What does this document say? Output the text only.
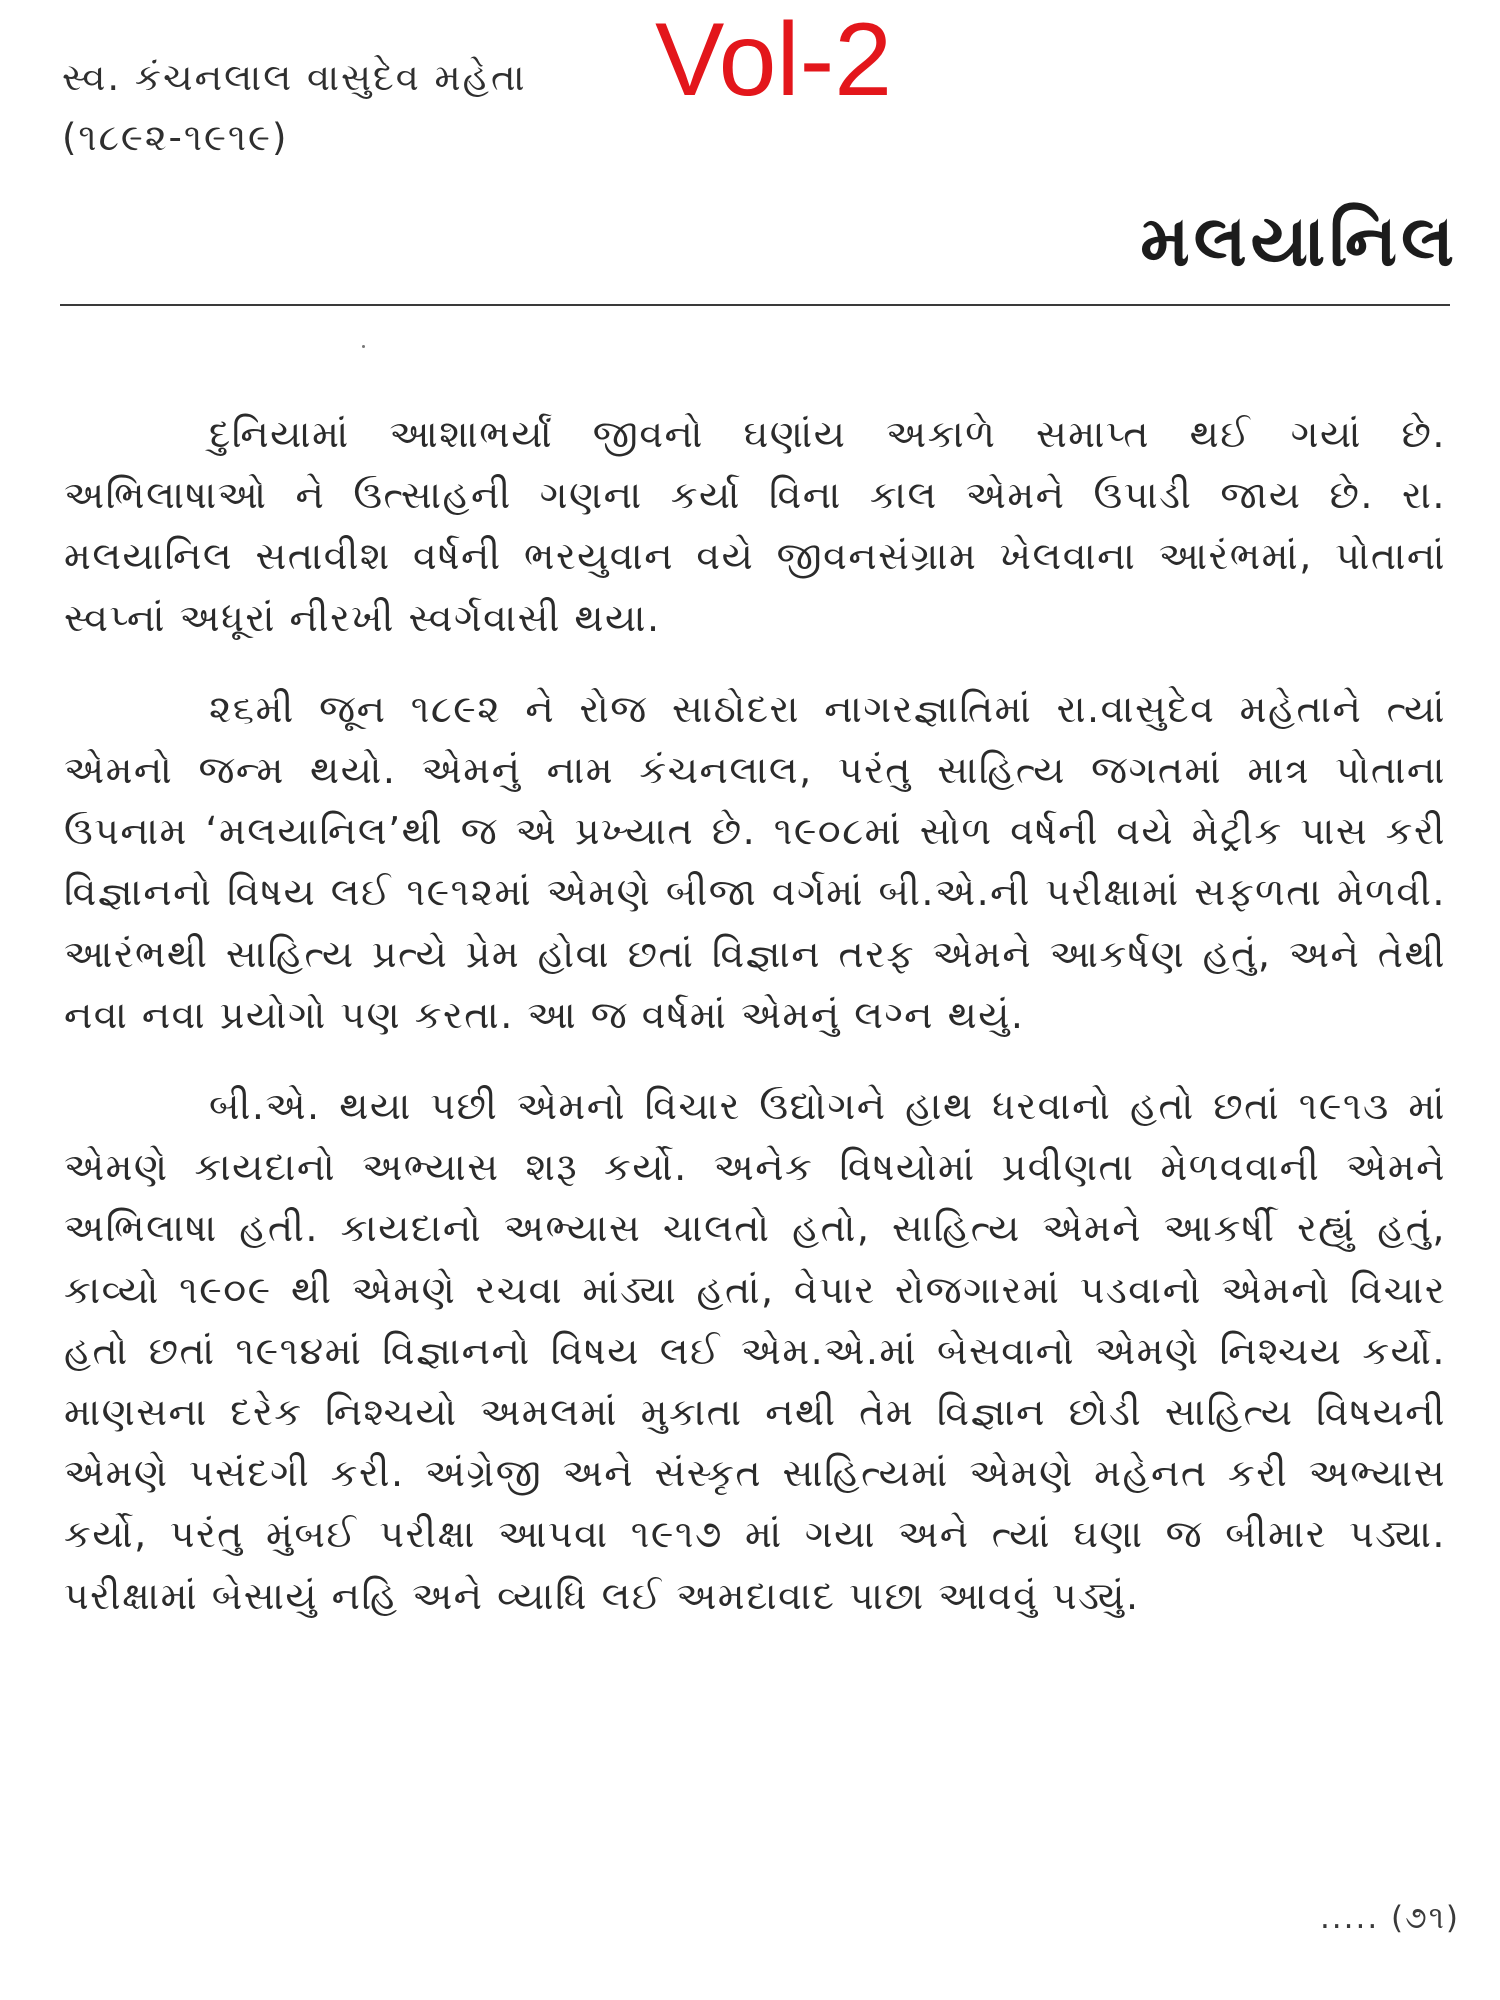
સ્વ. કંચનલાલ વાસુદેવ મહેતા
(૧૮૯૨-૧૯૧૯)
Vol-2
મલયાનિલ

દુનિયામાં આશાભર્યાં જીવનો ઘણાંય અકાળે સમાપ્ત થઈ ગયાં છે. અભિલાષાઓ ને ઉત્સાહની ગણના કર્યા વિના કાલ એમને ઉપાડી જાય છે. રા. મલયાનિલ સતાવીશ વર્ષની ભરયુવાન વયે જીવનસંગ્રામ ખેલવાના આરંભમાં, પોતાનાં સ્વપ્નાં અધૂરાં નીરખી સ્વર્ગવાસી થયા.

૨૬મી જૂન ૧૮૯૨ ને રોજ સાઠોદરા નાગરજ્ઞાતિમાં રા.વાસુદેવ મહેતાને ત્યાં એમનો જન્મ થયો. એમનું નામ કંચનલાલ, પરંતુ સાહિત્ય જગતમાં માત્ર પોતાના ઉપનામ ‘મલયાનિલ’થી જ એ પ્રખ્યાત છે. ૧૯૦૮માં સોળ વર્ષની વયે મેટ્રીક પાસ કરી વિજ્ઞાનનો વિષય લઈ ૧૯૧૨માં એમણે બીજા વર્ગમાં બી.એ.ની પરીક્ષામાં સફળતા મેળવી. આરંભથી સાહિત્ય પ્રત્યે પ્રેમ હોવા છતાં વિજ્ઞાન તરફ એમને આકર્ષણ હતું, અને તેથી નવા નવા પ્રયોગો પણ કરતા. આ જ વર્ષમાં એમનું લગ્ન થયું.

બી.એ. થયા પછી એમનો વિચાર ઉદ્યોગને હાથ ધરવાનો હતો છતાં ૧૯૧૩ માં એમણે કાયદાનો અભ્યાસ શરૂ કર્યો. અનેક વિષયોમાં પ્રવીણતા મેળવવાની એમને અભિલાષા હતી. કાયદાનો અભ્યાસ ચાલતો હતો, સાહિત્ય એમને આકર્ષી રહ્યું હતું, કાવ્યો ૧૯૦૯ થી એમણે રચવા માંડ્યા હતાં, વેપાર રોજગારમાં પડવાનો એમનો વિચાર હતો છતાં ૧૯૧૪માં વિજ્ઞાનનો વિષય લઈ એમ.એ.માં બેસવાનો એમણે નિશ્ચય કર્યો. માણસના દરેક નિશ્ચયો અમલમાં મુકાતા નથી તેમ વિજ્ઞાન છોડી સાહિત્ય વિષયની એમણે પસંદગી કરી. અંગ્રેજી અને સંસ્કૃત સાહિત્યમાં એમણે મહેનત કરી અભ્યાસ કર્યો, પરંતુ મુંબઈ પરીક્ષા આપવા ૧૯૧૭ માં ગયા અને ત્યાં ઘણા જ બીમાર પડ્યા. પરીક્ષામાં બેસાયું નહિ અને વ્યાધિ લઈ અમદાવાદ પાછા આવવું પડ્યું.

..... (૭૧)
